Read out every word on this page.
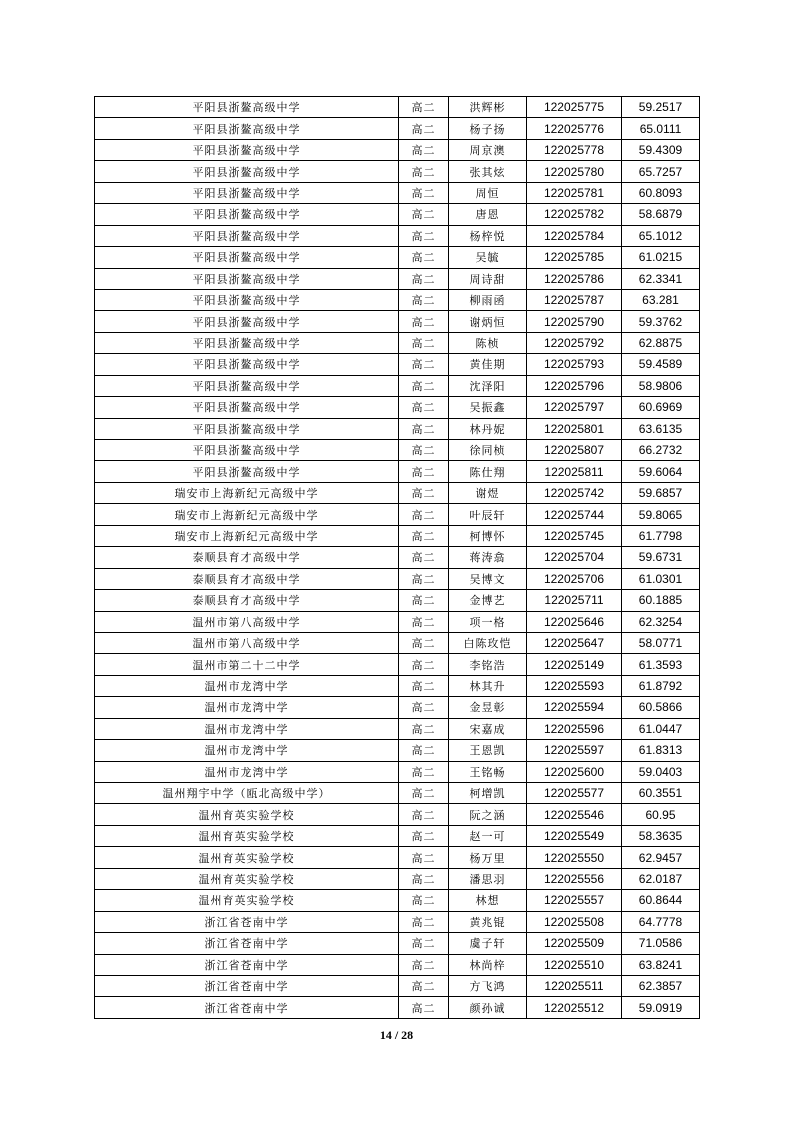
平阳县浙鳌高级中学	高二	洪辉彬	122025775	59.2517
平阳县浙鳌高级中学	高二	杨子扬	122025776	65.0111
平阳县浙鳌高级中学	高二	周京澳	122025778	59.4309
平阳县浙鳌高级中学	高二	张其炫	122025780	65.7257
平阳县浙鳌高级中学	高二	周恒	122025781	60.8093
平阳县浙鳌高级中学	高二	唐恩	122025782	58.6879
平阳县浙鳌高级中学	高二	杨梓悦	122025784	65.1012
平阳县浙鳌高级中学	高二	吴毓	122025785	61.0215
平阳县浙鳌高级中学	高二	周诗甜	122025786	62.3341
平阳县浙鳌高级中学	高二	柳雨函	122025787	63.281
平阳县浙鳌高级中学	高二	谢炳恒	122025790	59.3762
平阳县浙鳌高级中学	高二	陈桢	122025792	62.8875
平阳县浙鳌高级中学	高二	黄佳期	122025793	59.4589
平阳县浙鳌高级中学	高二	沈泽阳	122025796	58.9806
平阳县浙鳌高级中学	高二	吴振鑫	122025797	60.6969
平阳县浙鳌高级中学	高二	林丹妮	122025801	63.6135
平阳县浙鳌高级中学	高二	徐同桢	122025807	66.2732
平阳县浙鳌高级中学	高二	陈仕翔	122025811	59.6064
瑞安市上海新纪元高级中学	高二	谢煜	122025742	59.6857
瑞安市上海新纪元高级中学	高二	叶辰轩	122025744	59.8065
瑞安市上海新纪元高级中学	高二	柯博怀	122025745	61.7798
泰顺县育才高级中学	高二	蒋涛翕	122025704	59.6731
泰顺县育才高级中学	高二	吴博文	122025706	61.0301
泰顺县育才高级中学	高二	金博艺	122025711	60.1885
温州市第八高级中学	高二	项一格	122025646	62.3254
温州市第八高级中学	高二	白陈玫恺	122025647	58.0771
温州市第二十二中学	高二	李铭浩	122025149	61.3593
温州市龙湾中学	高二	林其升	122025593	61.8792
温州市龙湾中学	高二	金昱彰	122025594	60.5866
温州市龙湾中学	高二	宋嘉成	122025596	61.0447
温州市龙湾中学	高二	王恩凯	122025597	61.8313
温州市龙湾中学	高二	王铭畅	122025600	59.0403
温州翔宇中学（瓯北高级中学）	高二	柯增凯	122025577	60.3551
温州育英实验学校	高二	阮之涵	122025546	60.95
温州育英实验学校	高二	赵一可	122025549	58.3635
温州育英实验学校	高二	杨万里	122025550	62.9457
温州育英实验学校	高二	潘思羽	122025556	62.0187
温州育英实验学校	高二	林想	122025557	60.8644
浙江省苍南中学	高二	黄兆锟	122025508	64.7778
浙江省苍南中学	高二	虞子轩	122025509	71.0586
浙江省苍南中学	高二	林尚梓	122025510	63.8241
浙江省苍南中学	高二	方飞鸿	122025511	62.3857
浙江省苍南中学	高二	颜孙诚	122025512	59.0919
14 / 28
